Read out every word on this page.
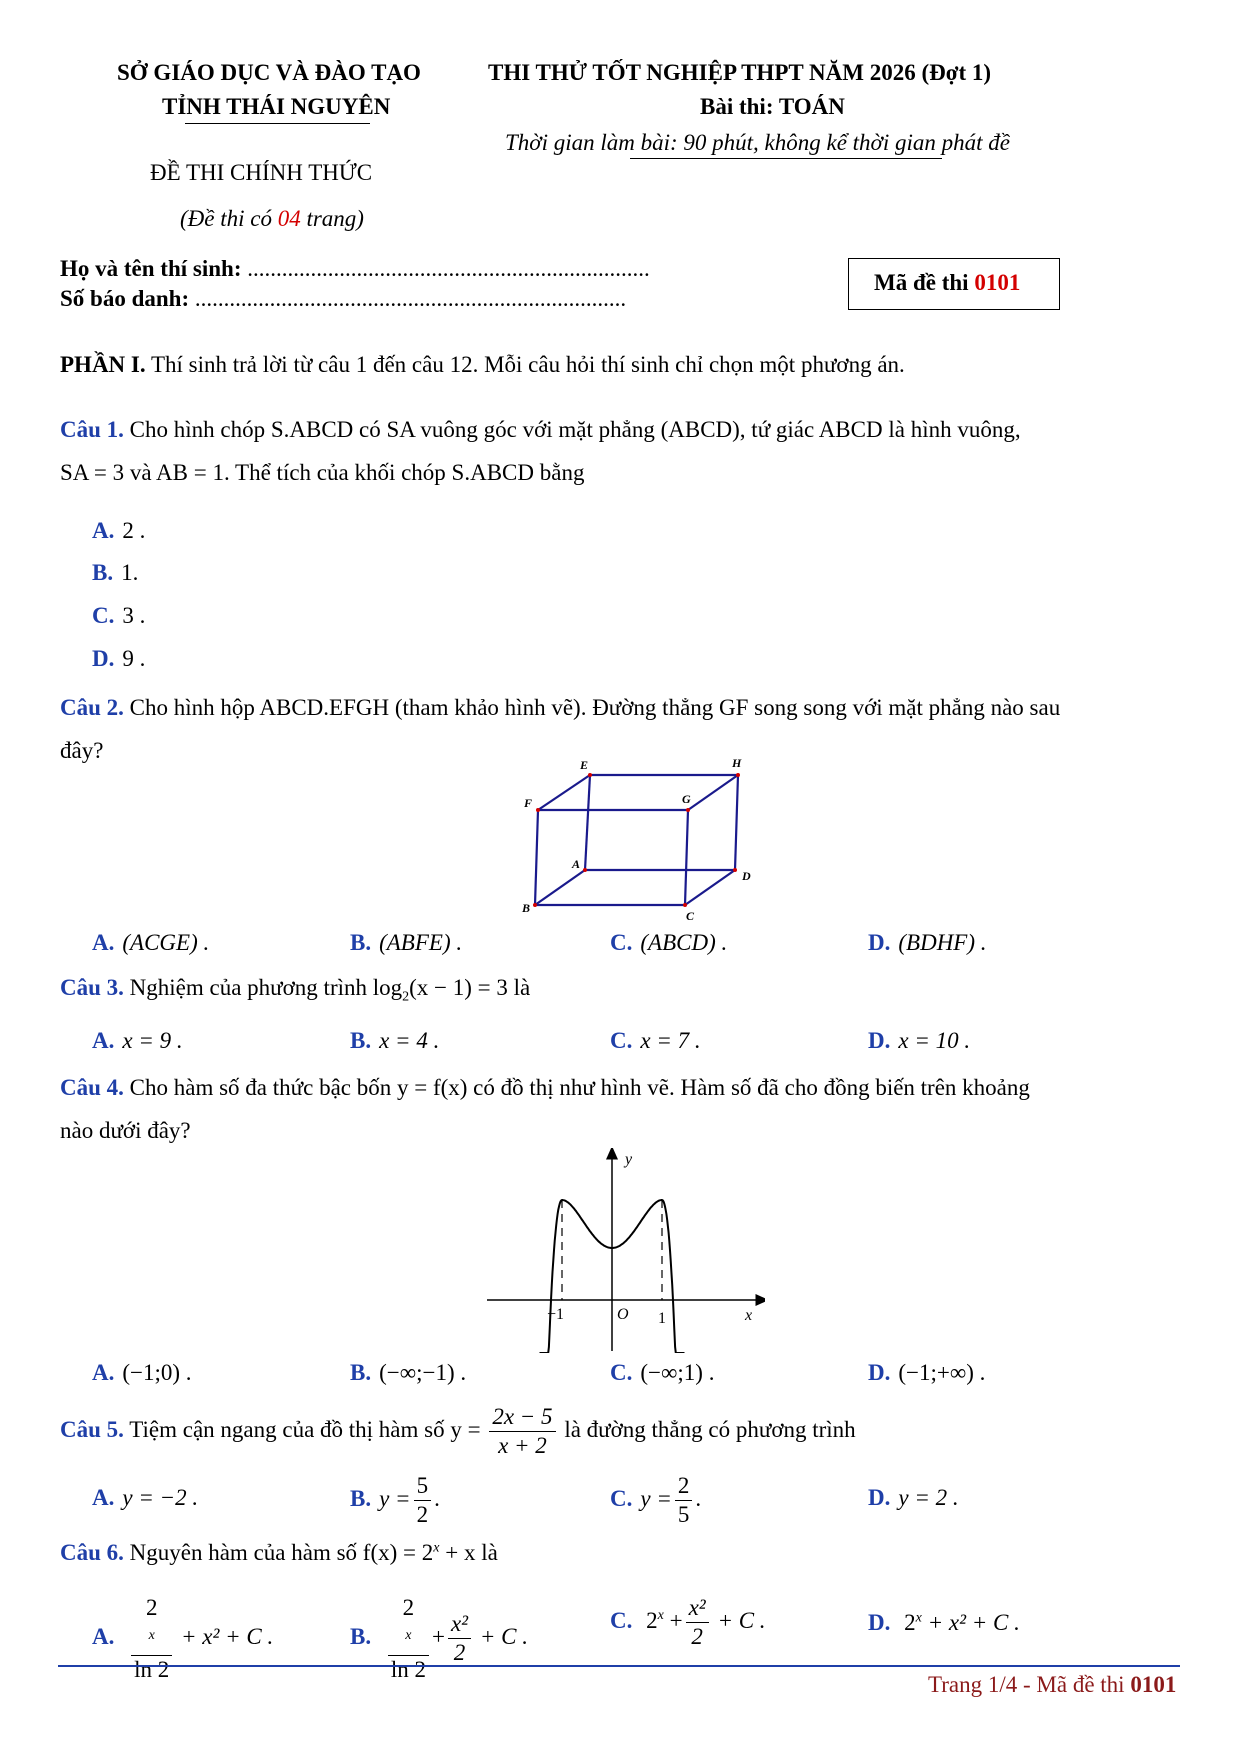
SỞ GIÁO DỤC VÀ ĐÀO TẠO
TỈNH THÁI NGUYÊN
ĐỀ THI CHÍNH THỨC
(Đề thi có 04 trang)
THI THỬ TỐT NGHIỆP THPT NĂM 2026 (Đợt 1)
Bài thi: TOÁN
Thời gian làm bài: 90 phút, không kể thời gian phát đề
Họ và tên thí sinh: ......................................................................
Số báo danh: ...........................................................................
Mã đề thi 0101
PHẦN I. Thí sinh trả lời từ câu 1 đến câu 12. Mỗi câu hỏi thí sinh chỉ chọn một phương án.
Câu 1. Cho hình chóp S.ABCD có SA vuông góc với mặt phẳng (ABCD), tứ giác ABCD là hình vuông,
SA = 3 và AB = 1. Thể tích của khối chóp S.ABCD bằng
A. 2 .
B. 1.
C. 3 .
D. 9 .
Câu 2. Cho hình hộp ABCD.EFGH (tham khảo hình vẽ). Đường thẳng GF song song với mặt phẳng nào sau
đây?
E	H
F	G
A
D
B
C
A. (ACGE) .	B. (ABFE) .	C. (ABCD) .	D. (BDHF) .
Câu 3. Nghiệm của phương trình $\log_2(x - 1) = 3$ là
A. x = 9 .	B. x = 4 .	C. x = 7 .	D. x = 10 .
Câu 4. Cho hàm số đa thức bậc bốn y = f(x) có đồ thị như hình vẽ. Hàm số đã cho đồng biến trên khoảng
nào dưới đây?
y
x
O
−1	1
A. (−1;0) .	B. (−∞;−1) .	C. (−∞;1) .	D. (−1;+∞) .
Câu 5. Tiệm cận ngang của đồ thị hàm số $y = \frac{2x - 5}{x + 2}$ là đường thẳng có phương trình
A. y = −2 .	B. $y = \frac{5}{2}$ .	C. $y = \frac{2}{5}$ .	D. y = 2 .
Câu 6. Nguyên hàm của hàm số $f(x) = 2^x + x$ là
A. 2
$^x$
ln 2 + x² + C .	B. 2
$^x$
$\ln 2 + \frac{\text{x²}}{2} + C$ .
C. $2^x + \frac{\text{x²}}{2} + C$ .	D. $2^x + x^2 + C$ .
Trang 1/4 - Mã đề thi 0101
